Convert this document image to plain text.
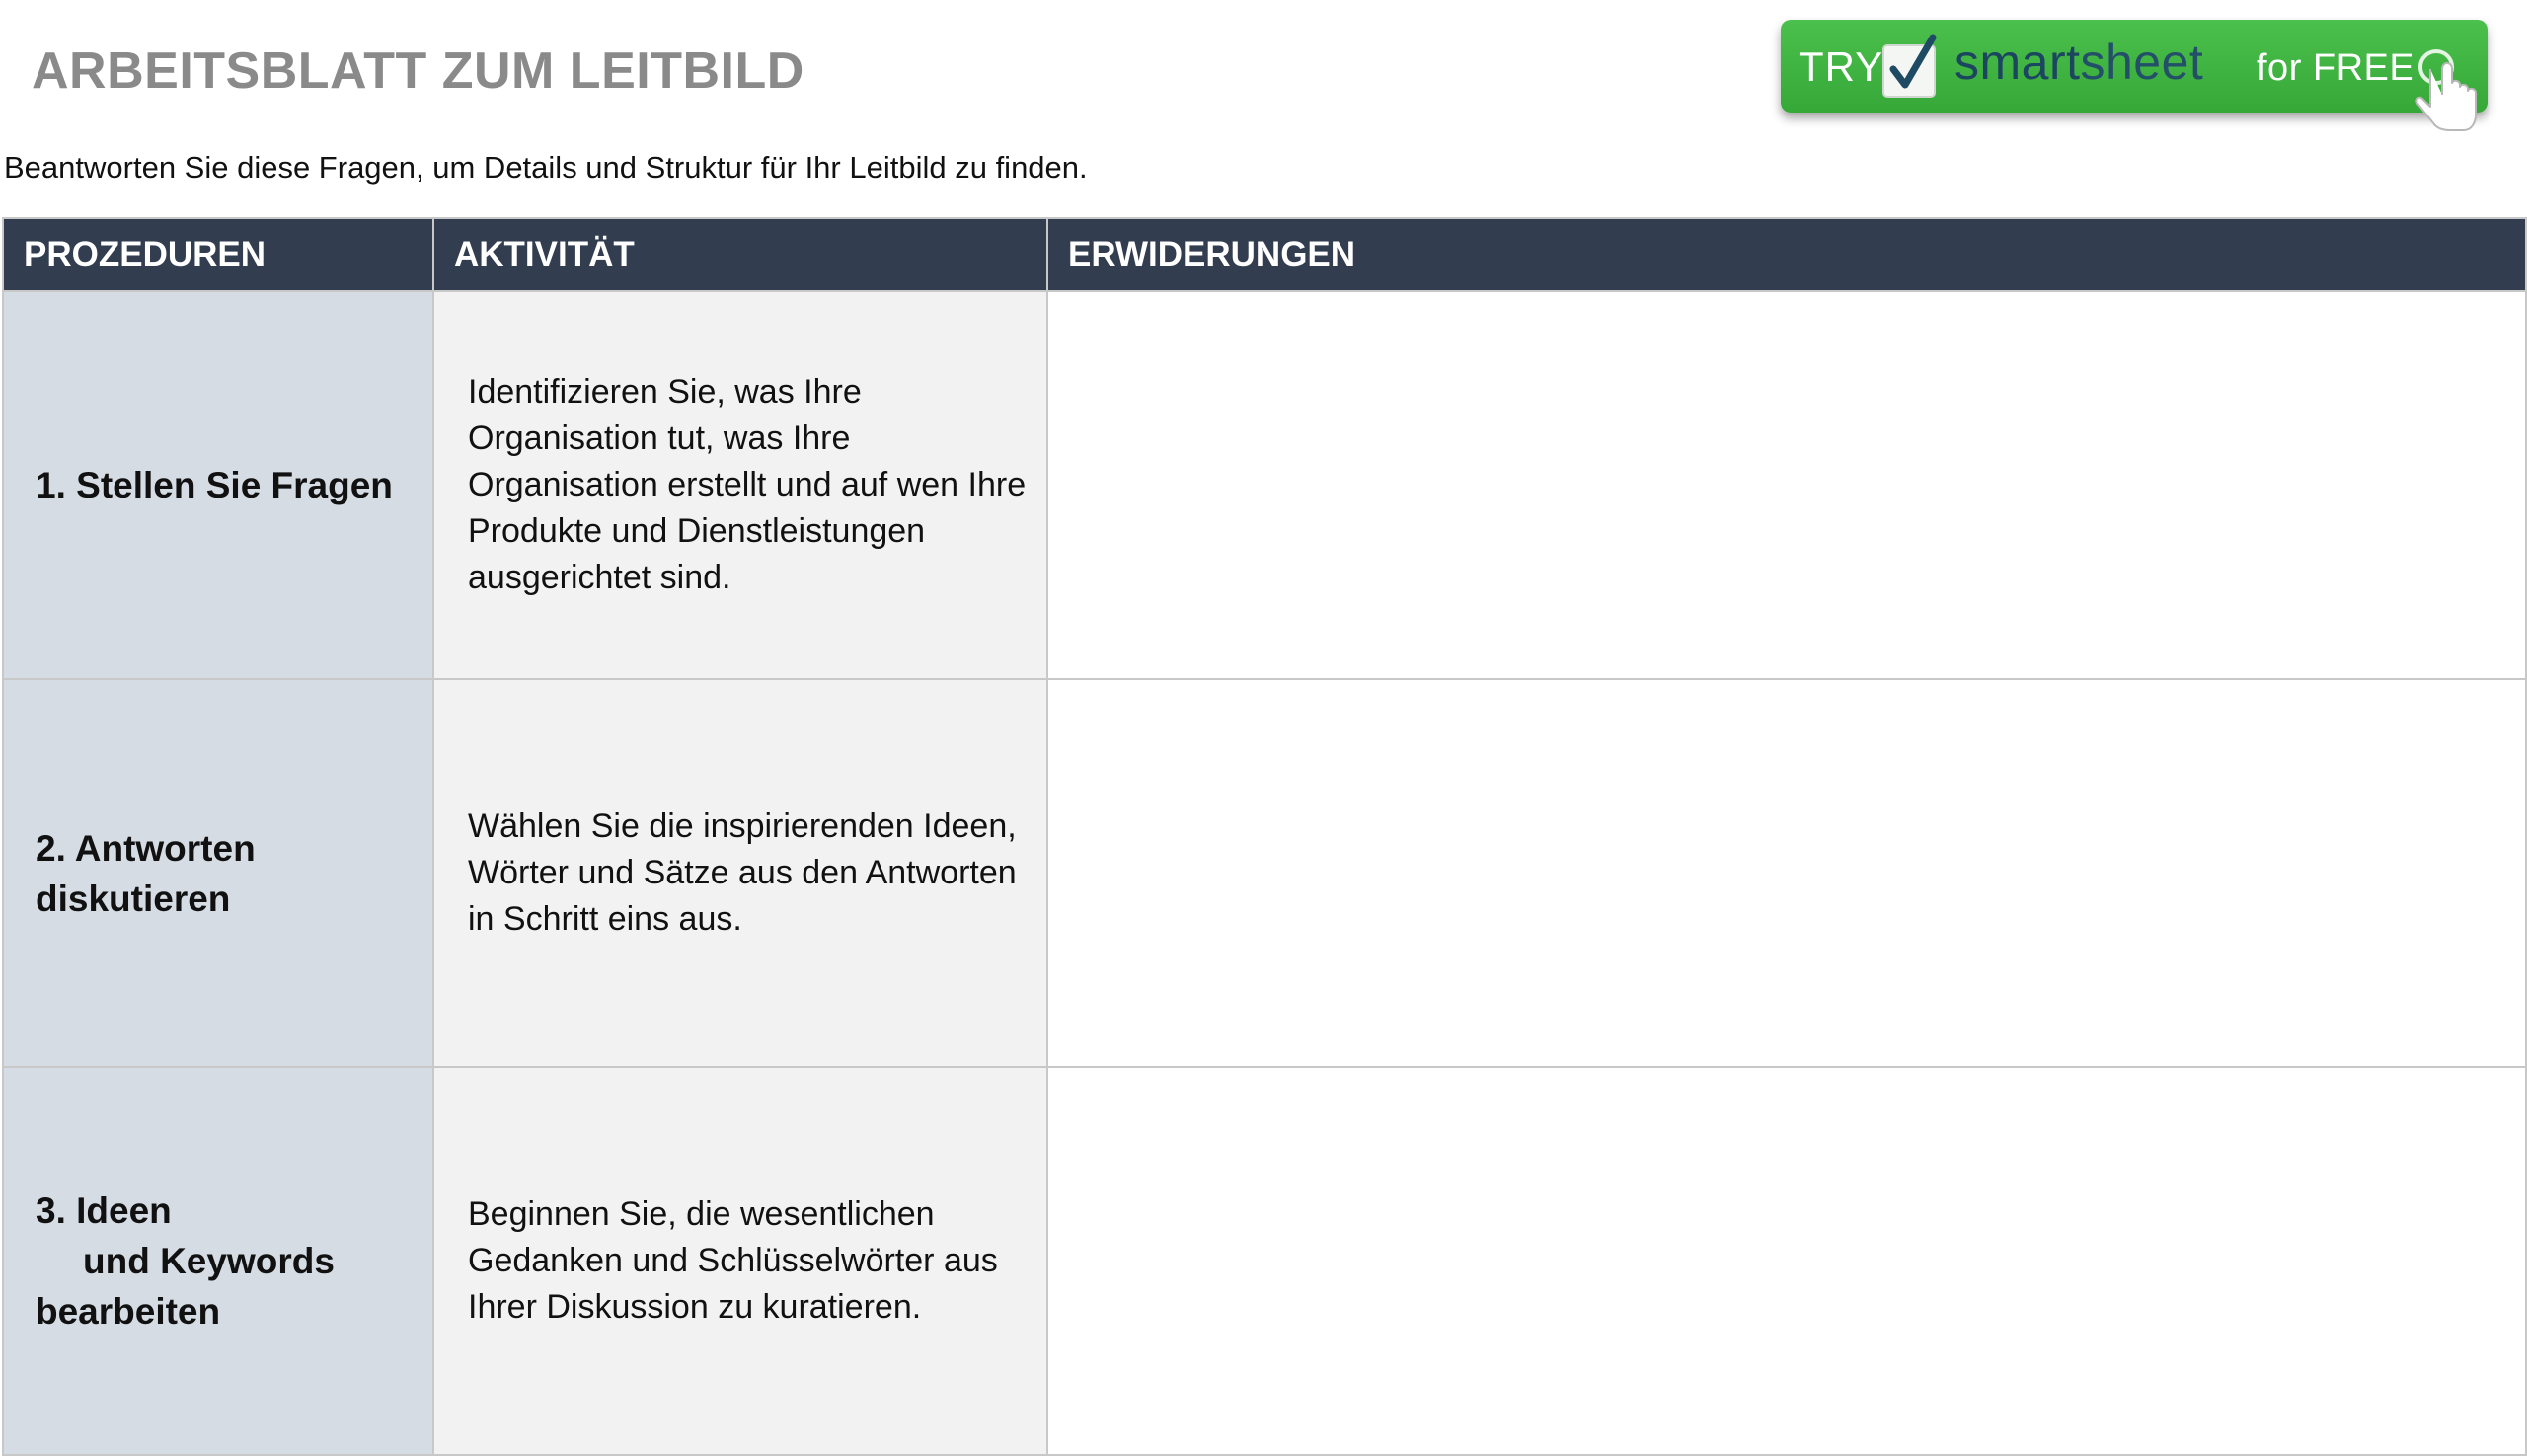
ARBEITSBLATT ZUM LEITBILD	TRY smartsheet for FREE

Beantworten Sie diese Fragen, um Details und Struktur für Ihr Leitbild zu finden.

PROZEDUREN	AKTIVITÄT	ERWIDERUNGEN

1. Stellen Sie Fragen	Identifizieren Sie, was Ihre Organisation tut, was Ihre Organisation erstellt und auf wen Ihre Produkte und Dienstleistungen ausgerichtet sind.	

2. Antworten
diskutieren	Wählen Sie die inspirierenden Ideen, Wörter und Sätze aus den Antworten in Schritt eins aus.	

3. Ideen
und Keywords
bearbeiten	Beginnen Sie, die wesentlichen Gedanken und Schlüsselwörter aus Ihrer Diskussion zu kuratieren.	
